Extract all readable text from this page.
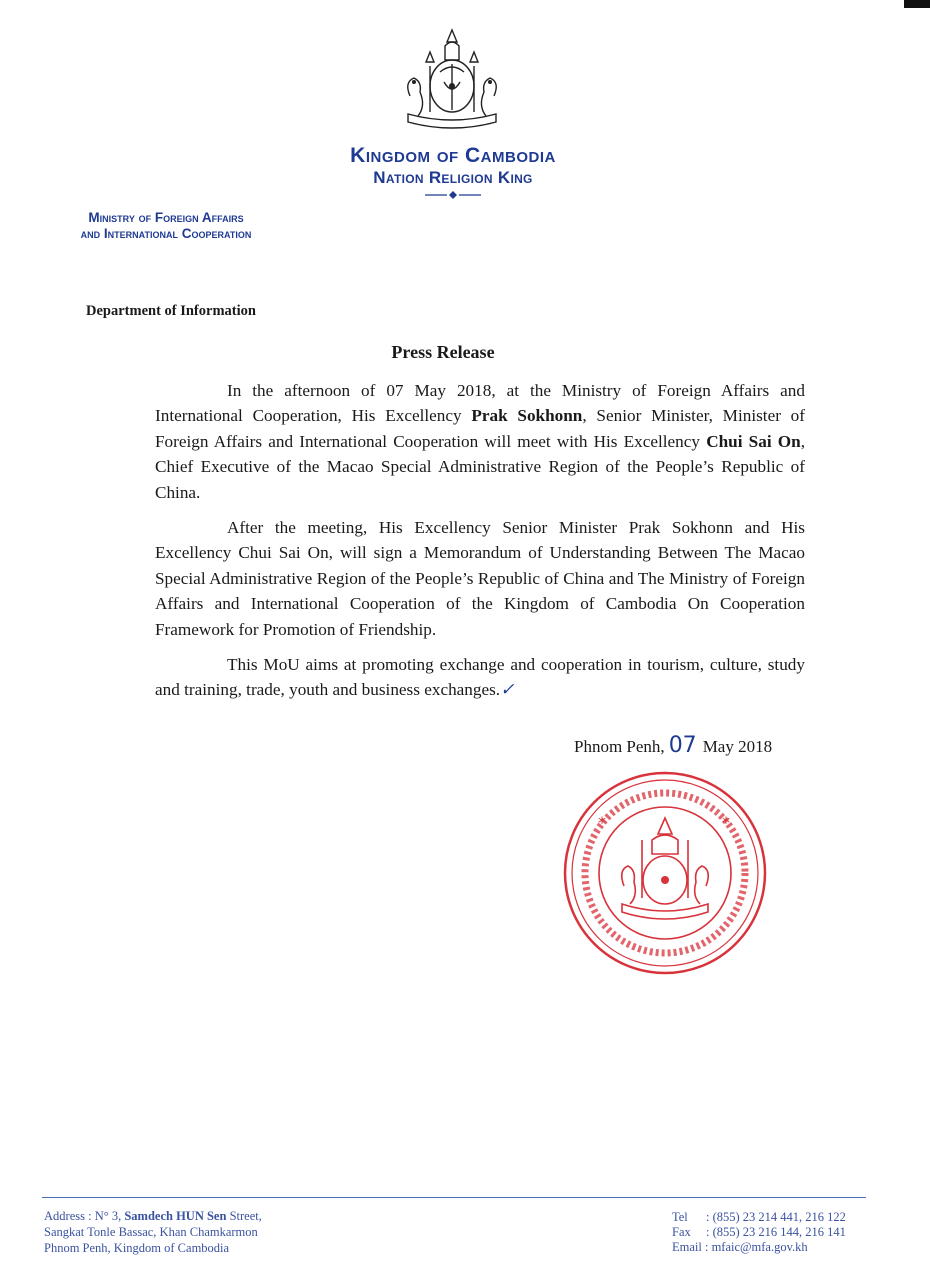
Kingdom of Cambodia
Nation Religion King
Ministry of Foreign Affairs
and International Cooperation
Department of Information
Press Release

In the afternoon of 07 May 2018, at the Ministry of Foreign Affairs and International Cooperation, His Excellency Prak Sokhonn, Senior Minister, Minister of Foreign Affairs and International Cooperation will meet with His Excellency Chui Sai On, Chief Executive of the Macao Special Administrative Region of the People’s Republic of China.

After the meeting, His Excellency Senior Minister Prak Sokhonn and His Excellency Chui Sai On, will sign a Memorandum of Understanding Between The Macao Special Administrative Region of the People’s Republic of China and The Ministry of Foreign Affairs and International Cooperation of the Kingdom of Cambodia On Cooperation Framework for Promotion of Friendship.

This MoU aims at promoting exchange and cooperation in tourism, culture, study and training, trade, youth and business exchanges.✓

Phnom Penh, 07 May 2018
*	*
Address : N° 3, Samdech HUN Sen Street,
Sangkat Tonle Bassac, Khan Chamkarmon
Phnom Penh, Kingdom of Cambodia
Tel : (855) 23 214 441, 216 122
Fax : (855) 23 216 144, 216 141
Email : mfaic@mfa.gov.kh
